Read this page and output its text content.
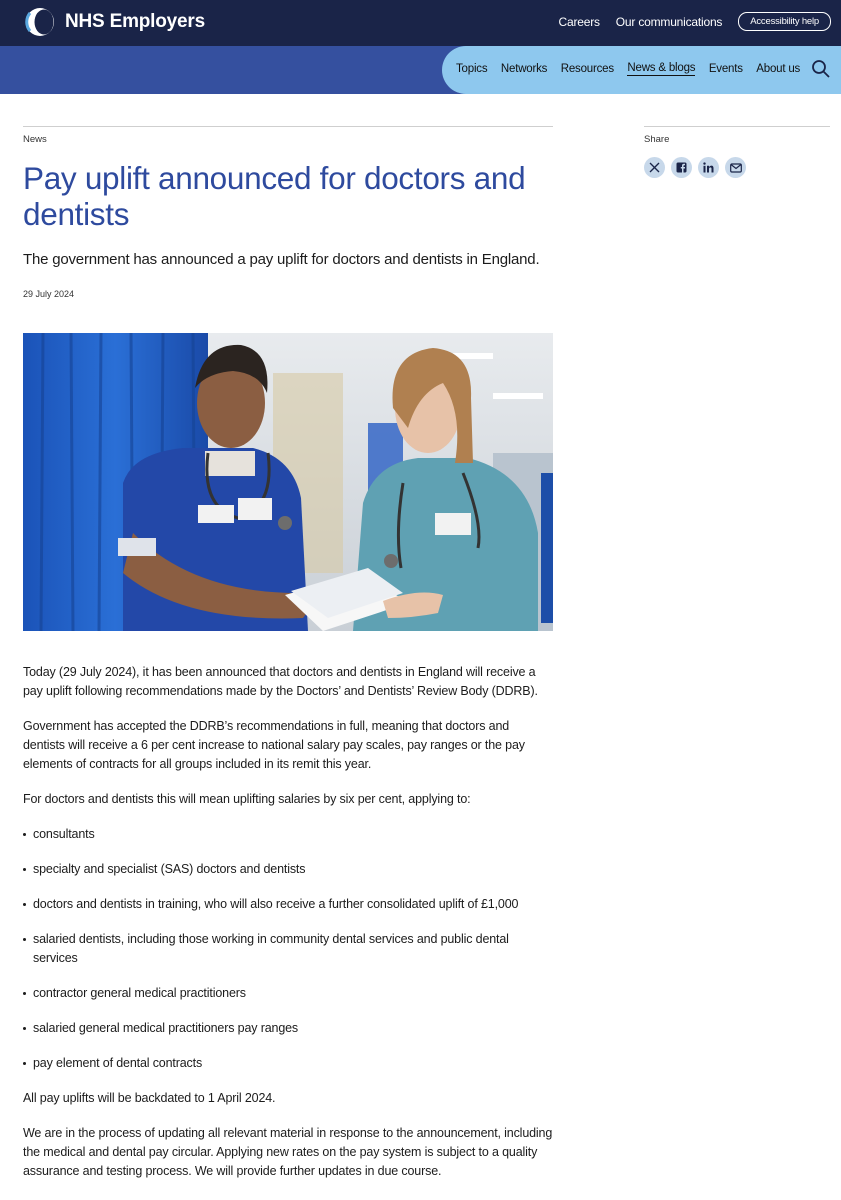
NHS Employers	Careers Our communications	Accessibility help
Topics Networks Resources News & blogs Events About us
News
Pay uplift announced for doctors and dentists
The government has announced a pay uplift for doctors and dentists in England.
29 July 2024
Share

Today (29 July 2024), it has been announced that doctors and dentists in England will receive a pay uplift following recommendations made by the Doctors’ and Dentists’ Review Body (DDRB).

Government has accepted the DDRB’s recommendations in full, meaning that doctors and dentists will receive a 6 per cent increase to national salary pay scales, pay ranges or the pay elements of contracts for all groups included in its remit this year.

For doctors and dentists this will mean uplifting salaries by six per cent, applying to:

consultants
specialty and specialist (SAS) doctors and dentists
doctors and dentists in training, who will also receive a further consolidated uplift of £1,000
salaried dentists, including those working in community dental services and public dental services
contractor general medical practitioners
salaried general medical practitioners pay ranges
pay element of dental contracts

All pay uplifts will be backdated to 1 April 2024.

We are in the process of updating all relevant material in response to the announcement, including the medical and dental pay circular. Applying new rates on the pay system is subject to a quality assurance and testing process. We will provide further updates in due course.
